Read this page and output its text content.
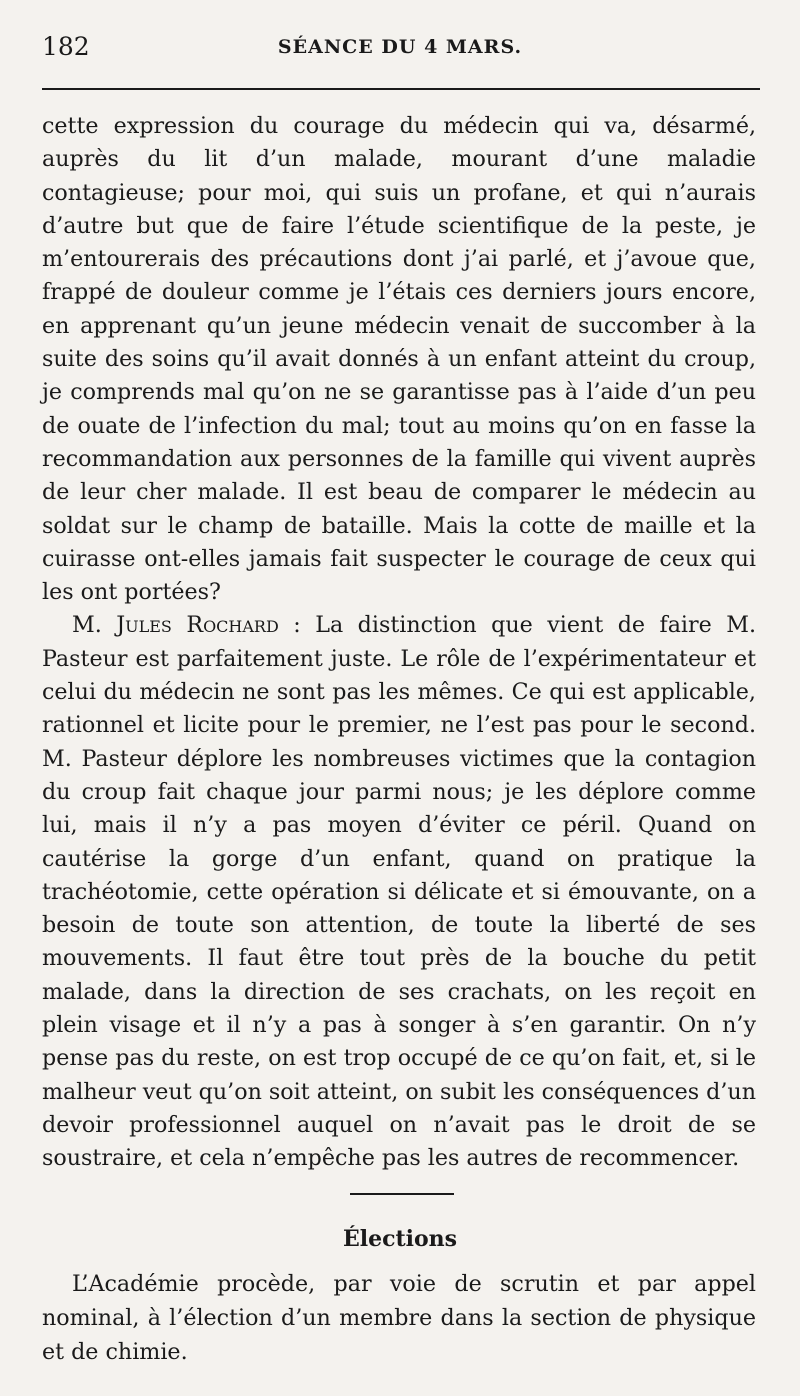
182	SÉANCE DU 4 MARS.

cette expression du courage du médecin qui va, désarmé, auprès du lit d’un malade, mourant d’une maladie contagieuse; pour moi, qui suis un profane, et qui n’aurais d’autre but que de faire l’étude scientifique de la peste, je m’entourerais des précautions dont j’ai parlé, et j’avoue que, frappé de douleur comme je l’étais ces derniers jours encore, en apprenant qu’un jeune médecin venait de succomber à la suite des soins qu’il avait donnés à un enfant atteint du croup, je comprends mal qu’on ne se garantisse pas à l’aide d’un peu de ouate de l’infection du mal; tout au moins qu’on en fasse la recommandation aux personnes de la famille qui vivent auprès de leur cher malade. Il est beau de comparer le médecin au soldat sur le champ de bataille. Mais la cotte de maille et la cuirasse ont-elles jamais fait suspecter le courage de ceux qui les ont portées?

M. Jules Rochard : La distinction que vient de faire M. Pasteur est parfaitement juste. Le rôle de l’expérimentateur et celui du médecin ne sont pas les mêmes. Ce qui est applicable, rationnel et licite pour le premier, ne l’est pas pour le second. M. Pasteur déplore les nombreuses victimes que la contagion du croup fait chaque jour parmi nous; je les déplore comme lui, mais il n’y a pas moyen d’éviter ce péril. Quand on cautérise la gorge d’un enfant, quand on pratique la trachéotomie, cette opération si délicate et si émouvante, on a besoin de toute son attention, de toute la liberté de ses mouvements. Il faut être tout près de la bouche du petit malade, dans la direction de ses crachats, on les reçoit en plein visage et il n’y a pas à songer à s’en garantir. On n’y pense pas du reste, on est trop occupé de ce qu’on fait, et, si le malheur veut qu’on soit atteint, on subit les conséquences d’un devoir professionnel auquel on n’avait pas le droit de se soustraire, et cela n’empêche pas les autres de recommencer.

Élections

L’Académie procède, par voie de scrutin et par appel nominal, à l’élection d’un membre dans la section de physique et de chimie.
